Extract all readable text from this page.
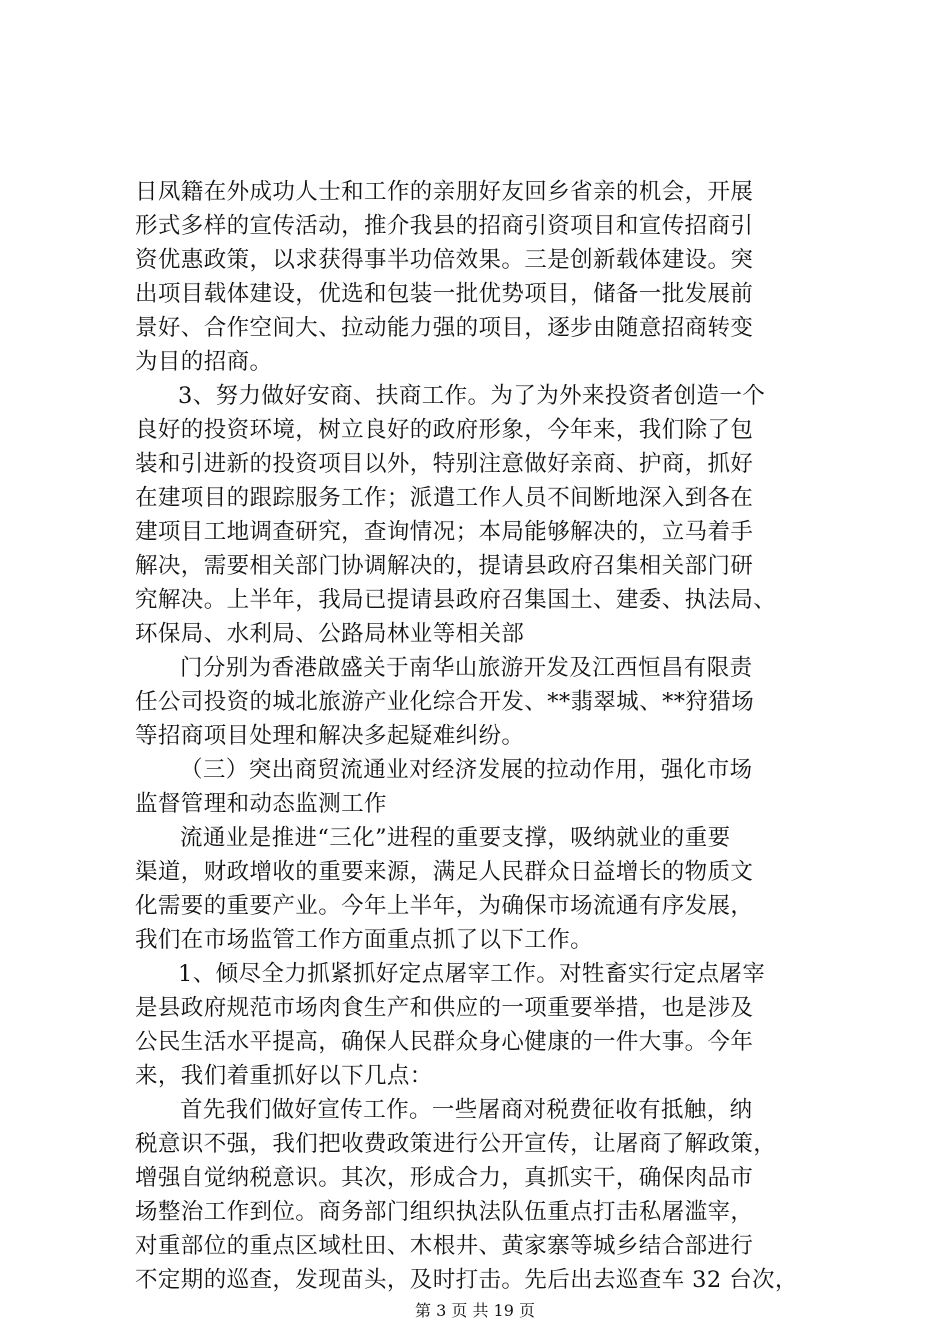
日凤籍在外成功人士和工作的亲朋好友回乡省亲的机会，开展
形式多样的宣传活动，推介我县的招商引资项目和宣传招商引
资优惠政策，以求获得事半功倍效果。三是创新载体建设。突
出项目载体建设，优选和包装一批优势项目，储备一批发展前
景好、合作空间大、拉动能力强的项目，逐步由随意招商转变
为目的招商。
3、努力做好安商、扶商工作。为了为外来投资者创造一个
良好的投资环境，树立良好的政府形象，今年来，我们除了包
装和引进新的投资项目以外，特别注意做好亲商、护商，抓好
在建项目的跟踪服务工作；派遣工作人员不间断地深入到各在
建项目工地调查研究，查询情况；本局能够解决的，立马着手
解决，需要相关部门协调解决的，提请县政府召集相关部门研
究解决。上半年，我局已提请县政府召集国土、建委、执法局、
环保局、水利局、公路局林业等相关部
门分别为香港啟盛关于南华山旅游开发及江西恒昌有限责
任公司投资的城北旅游产业化综合开发、**翡翠城、**狩猎场
等招商项目处理和解决多起疑难纠纷。
（三）突出商贸流通业对经济发展的拉动作用，强化市场
监督管理和动态监测工作
流通业是推进“三化”进程的重要支撑，吸纳就业的重要
渠道，财政增收的重要来源，满足人民群众日益增长的物质文
化需要的重要产业。今年上半年，为确保市场流通有序发展，
我们在市场监管工作方面重点抓了以下工作。
1、倾尽全力抓紧抓好定点屠宰工作。对牲畜实行定点屠宰
是县政府规范市场肉食生产和供应的一项重要举措，也是涉及
公民生活水平提高，确保人民群众身心健康的一件大事。今年
来，我们着重抓好以下几点：
首先我们做好宣传工作。一些屠商对税费征收有抵触，纳
税意识不强，我们把收费政策进行公开宣传，让屠商了解政策，
增强自觉纳税意识。其次，形成合力，真抓实干，确保肉品市
场整治工作到位。商务部门组织执法队伍重点打击私屠滥宰，
对重部位的重点区域杜田、木根井、黄家寨等城乡结合部进行
不定期的巡查，发现苗头，及时打击。先后出去巡查车 32 台次，
第 3 页 共 19 页
